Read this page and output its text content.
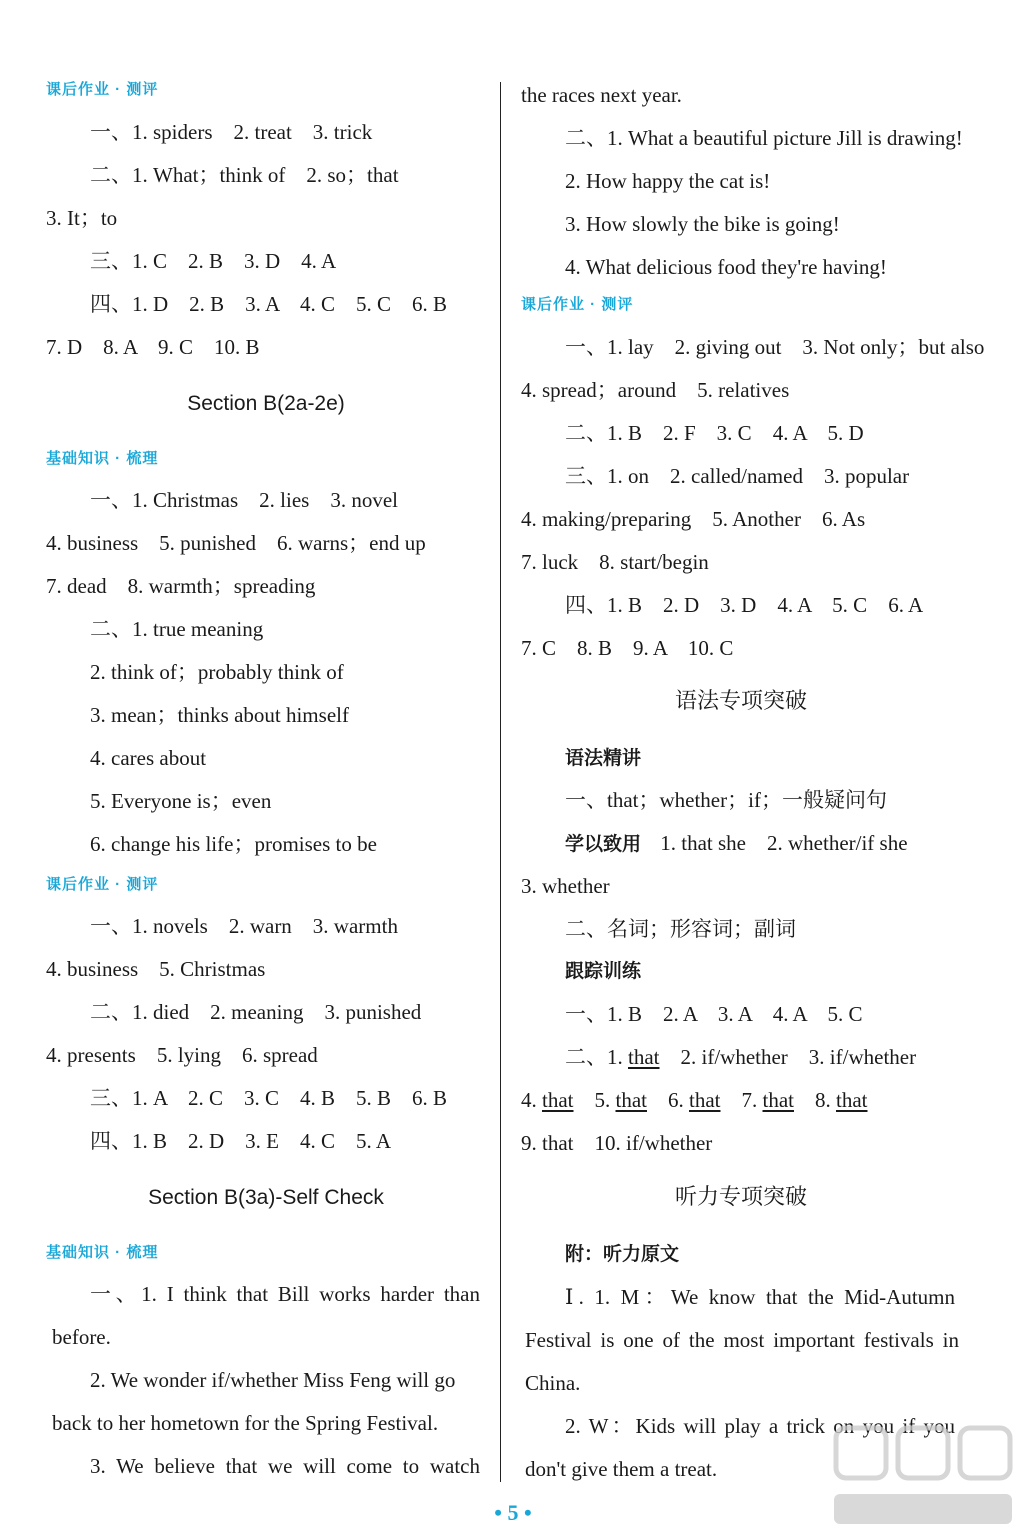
课后作业 · 测评
一、1. spiders　2. treat　3. trick
二、1. What；think of　2. so；that
3. It；to
三、1. C　2. B　3. D　4. A
四、1. D　2. B　3. A　4. C　5. C　6. B
7. D　8. A　9. C　10. B
Section B(2a-2e)
基础知识 · 梳理
一、1. Christmas　2. lies　3. novel
4. business　5. punished　6. warns；end up
7. dead　8. warmth；spreading
二、1. true meaning
2. think of；probably think of
3. mean；thinks about himself
4. cares about
5. Everyone is；even
6. change his life；promises to be
课后作业 · 测评
一、1. novels　2. warn　3. warmth
4. business　5. Christmas
二、1. died　2. meaning　3. punished
4. presents　5. lying　6. spread
三、1. A　2. C　3. C　4. B　5. B　6. B
四、1. B　2. D　3. E　4. C　5. A
Section B(3a)-Self Check
基础知识 · 梳理
一、1. I think that Bill works harder than
before.
2. We wonder if/whether Miss Feng will go
back to her hometown for the Spring Festival.
3. We believe that we will come to watch
the races next year.
二、1. What a beautiful picture Jill is drawing!
2. How happy the cat is!
3. How slowly the bike is going!
4. What delicious food they're having!
课后作业 · 测评
一、1. lay　2. giving out　3. Not only；but also
4. spread；around　5. relatives
二、1. B　2. F　3. C　4. A　5. D
三、1. on　2. called/named　3. popular
4. making/preparing　5. Another　6. As
7. luck　8. start/begin
四、1. B　2. D　3. D　4. A　5. C　6. A
7. C　8. B　9. A　10. C
语法专项突破
语法精讲
一、that；whether；if；一般疑问句
学以致用 1. that she　2. whether/if she
3. whether
二、名词；形容词；副词
跟踪训练
一、1. B　2. A　3. A　4. A　5. C
二、1. that　2. if/whether　3. if/whether
4. that　5. that　6. that　7. that　8. that
9. that　10. if/whether
听力专项突破
附：听力原文
Ⅰ. 1. M：We know that the Mid-Autumn
Festival is one of the most important festivals in
China.
2. W：Kids will play a trick on you if you
don't give them a treat.
• 5 •
